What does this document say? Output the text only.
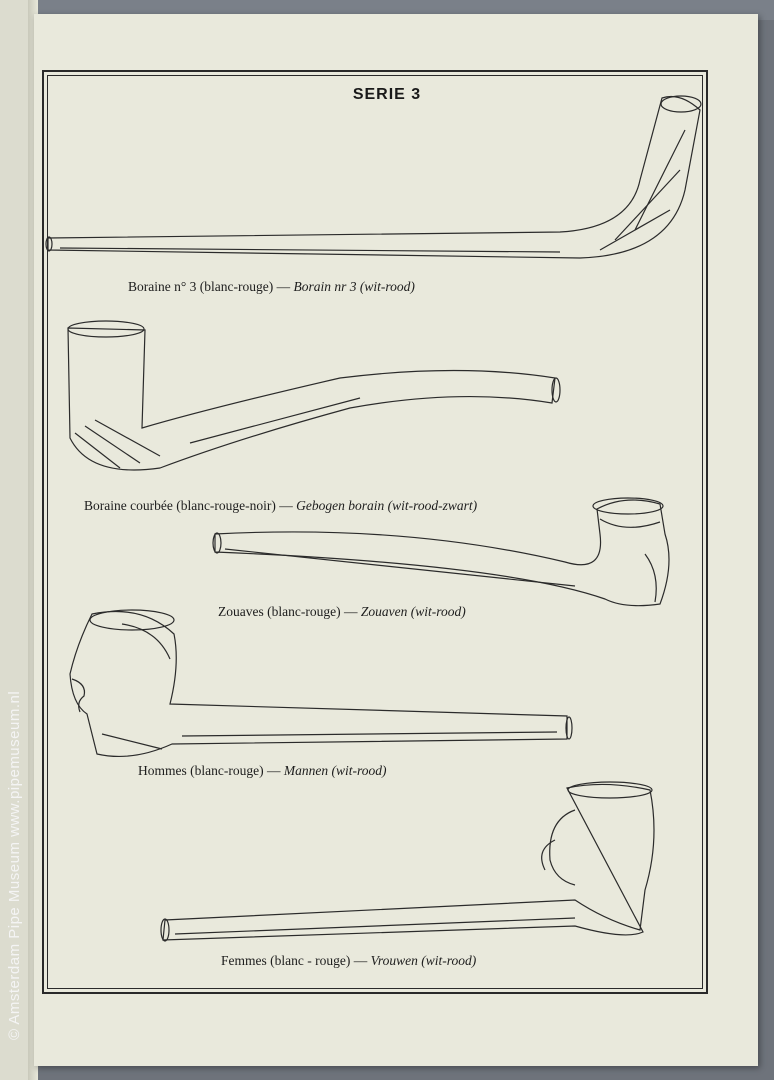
SERIE 3
Boraine n° 3 (blanc-rouge) — Borain nr 3 (wit-rood)
Boraine courbée (blanc-rouge-noir) — Gebogen borain (wit-rood-zwart)
Zouaves (blanc-rouge) — Zouaven (wit-rood)
Hommes (blanc-rouge) — Mannen (wit-rood)
Femmes (blanc - rouge) — Vrouwen (wit-rood)
© Amsterdam Pipe Museum www.pipemuseum.nl
